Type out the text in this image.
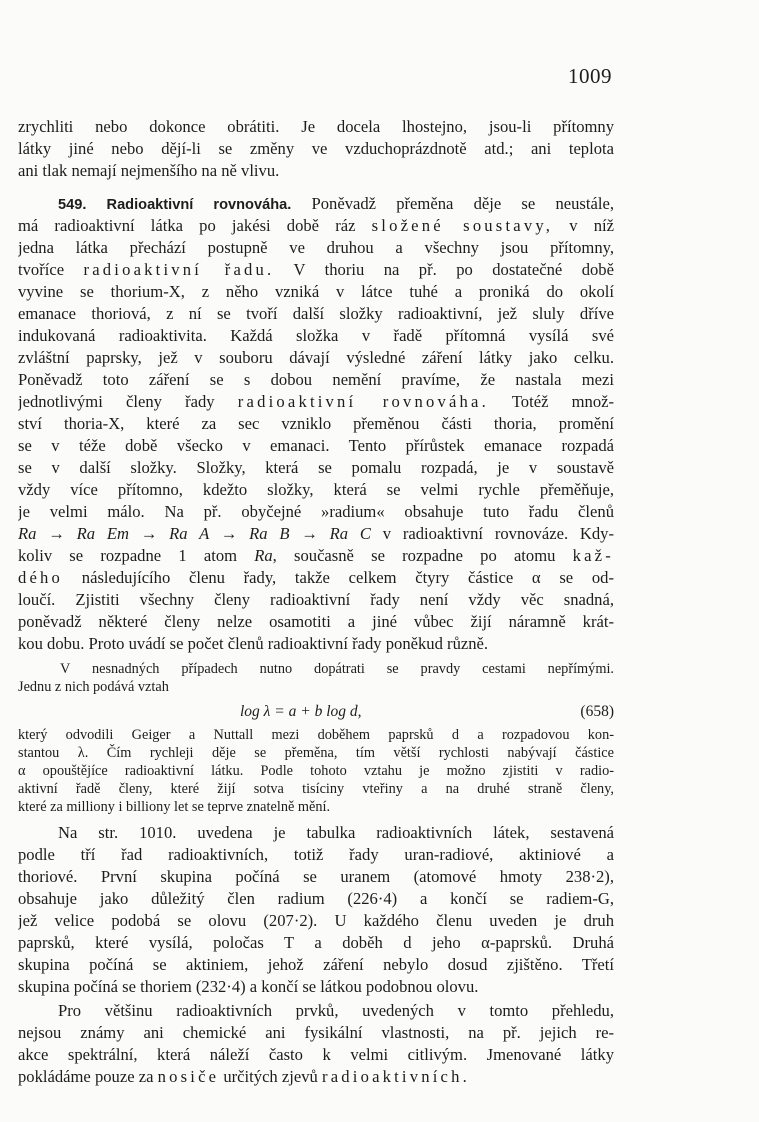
1009
zrychliti nebo dokonce obrátiti. Je docela lhostejno, jsou-li přítomny
látky jiné nebo dějí-li se změny ve vzduchoprázdnotě atd.; ani teplota
ani tlak nemají nejmenšího na ně vlivu.
549. Radioaktivní rovnováha. Poněvadž přeměna děje se neustále,
má radioaktivní látka po jakési době ráz složené soustavy, v níž
jedna látka přechází postupně ve druhou a všechny jsou přítomny,
tvoříce radioaktivní řadu. V thoriu na př. po dostatečné době
vyvine se thorium-X, z něho vzniká v látce tuhé a proniká do okolí
emanace thoriová, z ní se tvoří další složky radioaktivní, jež sluly dříve
indukovaná radioaktivita. Každá složka v řadě přítomná vysílá své
zvláštní paprsky, jež v souboru dávají výsledné záření látky jako celku.
Poněvadž toto záření se s dobou nemění pravíme, že nastala mezi
jednotlivými členy řady radioaktivní rovnováha. Totéž množ-
ství thoria-X, které za sec vzniklo přeměnou části thoria, promění
se v téže době všecko v emanaci. Tento přírůstek emanace rozpadá
se v další složky. Složky, která se pomalu rozpadá, je v soustavě
vždy více přítomno, kdežto složky, která se velmi rychle přeměňuje,
je velmi málo. Na př. obyčejné »radium« obsahuje tuto řadu členů
Ra → Ra Em → Ra A → Ra B → Ra C v radioaktivní rovnováze. Kdy-
koliv se rozpadne 1 atom Ra, současně se rozpadne po atomu kaž-
dého následujícího členu řady, takže celkem čtyry částice α se od-
loučí. Zjistiti všechny členy radioaktivní řady není vždy věc snadná,
poněvadž některé členy nelze osamotiti a jiné vůbec žijí náramně krát-
kou dobu. Proto uvádí se počet členů radioaktivní řady poněkud různě.
V nesnadných případech nutno dopátrati se pravdy cestami nepřímými.
Jednu z nich podává vztah
log λ = a + b log d,	(658)
který odvodili Geiger a Nuttall mezi doběhem paprsků d a rozpadovou kon-
stantou λ. Čím rychleji děje se přeměna, tím větší rychlosti nabývají částice
α opouštějíce radioaktivní látku. Podle tohoto vztahu je možno zjistiti v radio-
aktivní řadě členy, které žijí sotva tisíciny vteřiny a na druhé straně členy,
které za milliony i billiony let se teprve znatelně mění.
Na str. 1010. uvedena je tabulka radioaktivních látek, sestavená
podle tří řad radioaktivních, totiž řady uran-radiové, aktiniové a
thoriové. První skupina počíná se uranem (atomové hmoty 238·2),
obsahuje jako důležitý člen radium (226·4) a končí se radiem-G,
jež velice podobá se olovu (207·2). U každého členu uveden je druh
paprsků, které vysílá, poločas T a doběh d jeho α-paprsků. Druhá
skupina počíná se aktiniem, jehož záření nebylo dosud zjištěno. Třetí
skupina počíná se thoriem (232·4) a končí se látkou podobnou olovu.
Pro většinu radioaktivních prvků, uvedených v tomto přehledu,
nejsou známy ani chemické ani fysikální vlastnosti, na př. jejich re-
akce spektrální, která náleží často k velmi citlivým. Jmenované látky
pokládáme pouze za nosiče určitých zjevů radioaktivních.
